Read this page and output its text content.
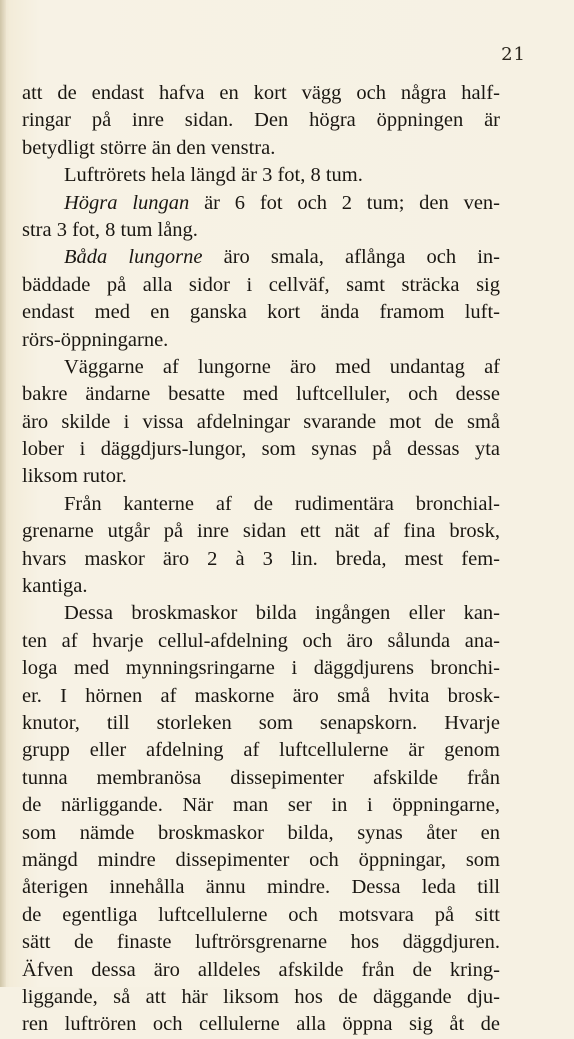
21
att de endast hafva en kort vägg och några half-
ringar på inre sidan. Den högra öppningen är
betydligt större än den venstra.
Luftrörets hela längd är 3 fot, 8 tum.
Högra lungan är 6 fot och 2 tum; den ven-
stra 3 fot, 8 tum lång.
Båda lungorne äro smala, aflånga och in-
bäddade på alla sidor i cellväf, samt sträcka sig
endast med en ganska kort ända framom luft-
rörs-öppningarne.
Väggarne af lungorne äro med undantag af
bakre ändarne besatte med luftcelluler, och desse
äro skilde i vissa afdelningar svarande mot de små
lober i däggdjurs-lungor, som synas på dessas yta
liksom rutor.
Från kanterne af de rudimentära bronchial-
grenarne utgår på inre sidan ett nät af fina brosk,
hvars maskor äro 2 à 3 lin. breda, mest fem-
kantiga.
Dessa broskmaskor bilda ingången eller kan-
ten af hvarje cellul-afdelning och äro sålunda ana-
loga med mynningsringarne i däggdjurens bronchi-
er. I hörnen af maskorne äro små hvita brosk-
knutor, till storleken som senapskorn. Hvarje
grupp eller afdelning af luftcellulerne är genom
tunna membranösa dissepimenter afskilde från
de närliggande. När man ser in i öppningarne,
som nämde broskmaskor bilda, synas åter en
mängd mindre dissepimenter och öppningar, som
återigen innehålla ännu mindre. Dessa leda till
de egentliga luftcellulerne och motsvara på sitt
sätt de finaste luftrörsgrenarne hos däggdjuren.
Äfven dessa äro alldeles afskilde från de kring-
liggande, så att här liksom hos de däggande dju-
ren luftrören och cellulerne alla öppna sig åt de
